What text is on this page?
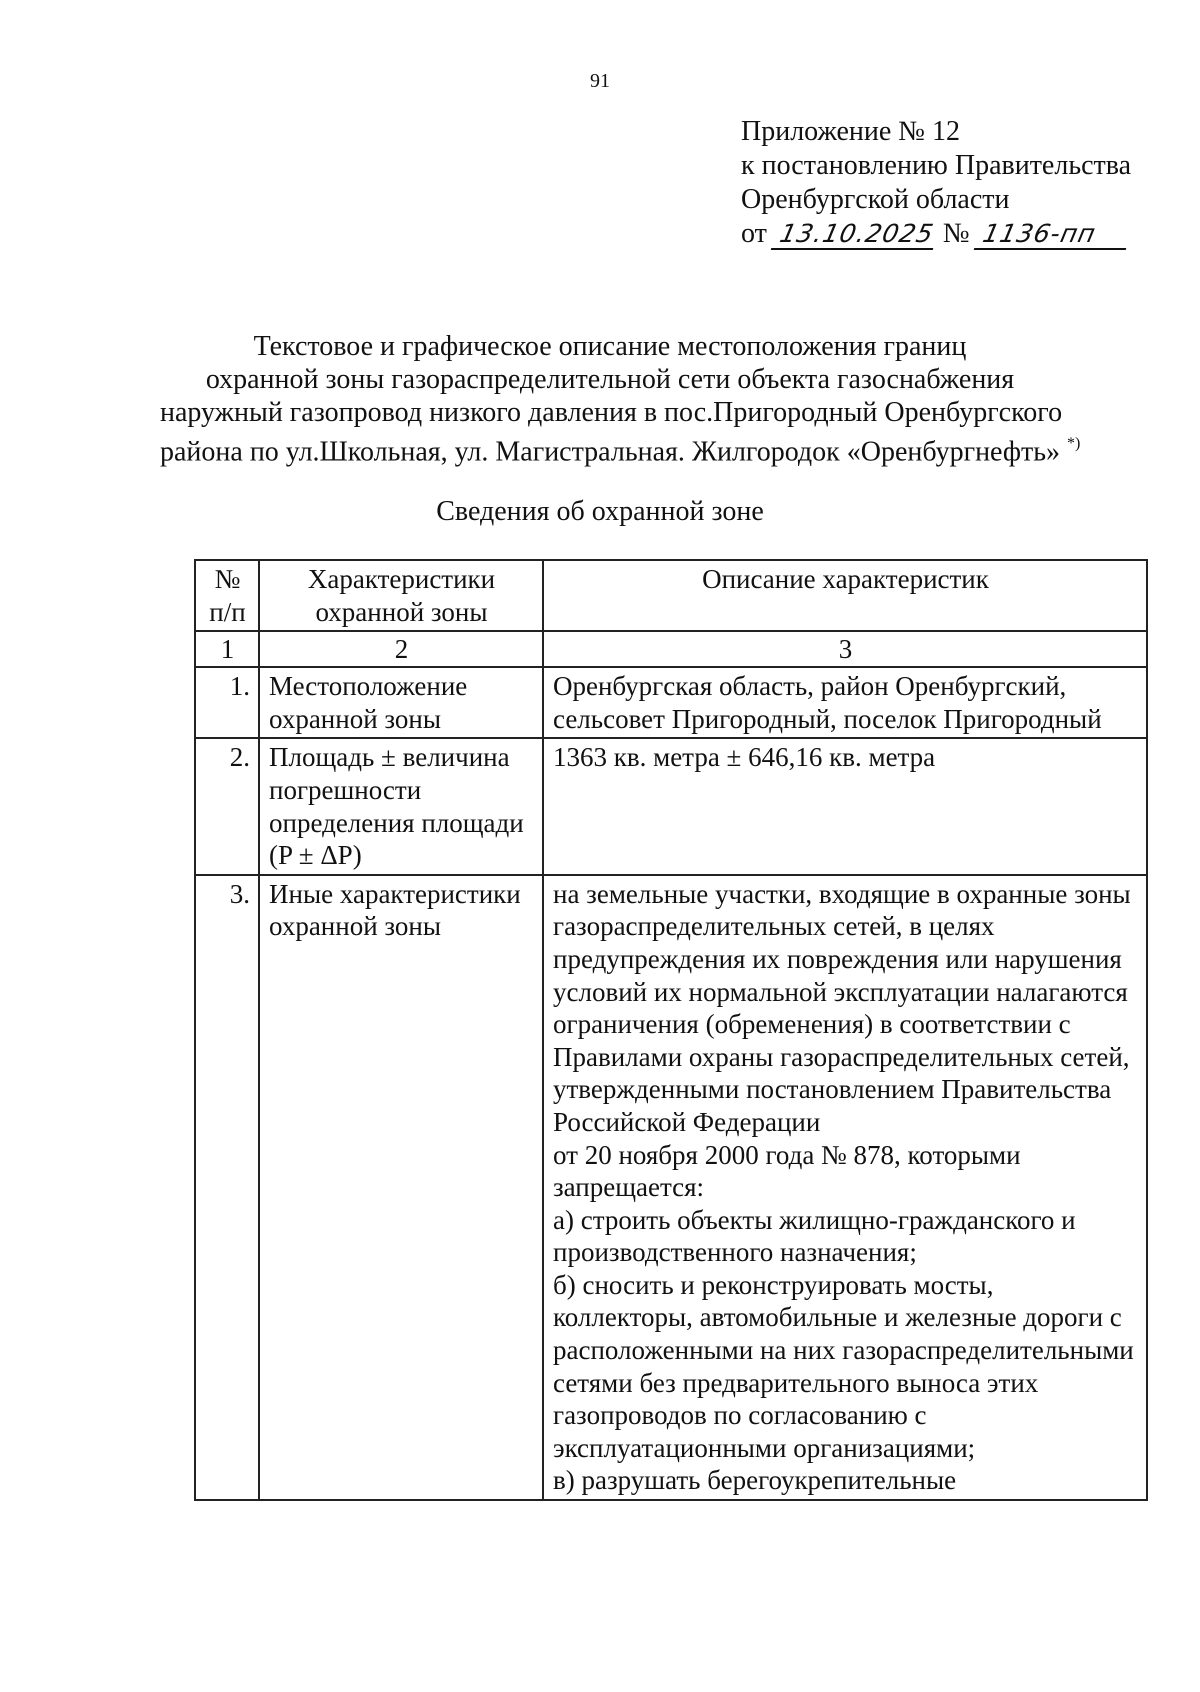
91
Приложение № 12
к постановлению Правительства
Оренбургской области
от 13.10.2025 № 1136-пп
Текстовое и графическое описание местоположения границ
охранной зоны газораспределительной сети объекта газоснабжения
наружный газопровод низкого давления в пос.Пригородный Оренбургского
района по ул.Школьная, ул. Магистральная. Жилгородок «Оренбургнефть» *)
Сведения об охранной зоне
№ п/п	Характеристики охранной зоны	Описание характеристик
1	2	3
1.	Местоположение охранной зоны	Оренбургская область, район Оренбургский, сельсовет Пригородный, поселок Пригородный
2.	Площадь ± величина погрешности определения площади (P ± ΔP)	1363 кв. метра ± 646,16 кв. метра
3.	Иные характеристики охранной зоны	на земельные участки, входящие в охранные зоны газораспределительных сетей, в целях предупреждения их повреждения или нарушения условий их нормальной эксплуатации налагаются ограничения (обременения) в соответствии с Правилами охраны газораспределительных сетей, утвержденными постановлением Правительства Российской Федерации
от 20 ноября 2000 года № 878, которыми запрещается:
а) строить объекты жилищно-гражданского и производственного назначения;
б) сносить и реконструировать мосты, коллекторы, автомобильные и железные дороги с расположенными на них газораспределительными сетями без предварительного выноса этих газопроводов по согласованию с эксплуатационными организациями;
в) разрушать берегоукрепительные
